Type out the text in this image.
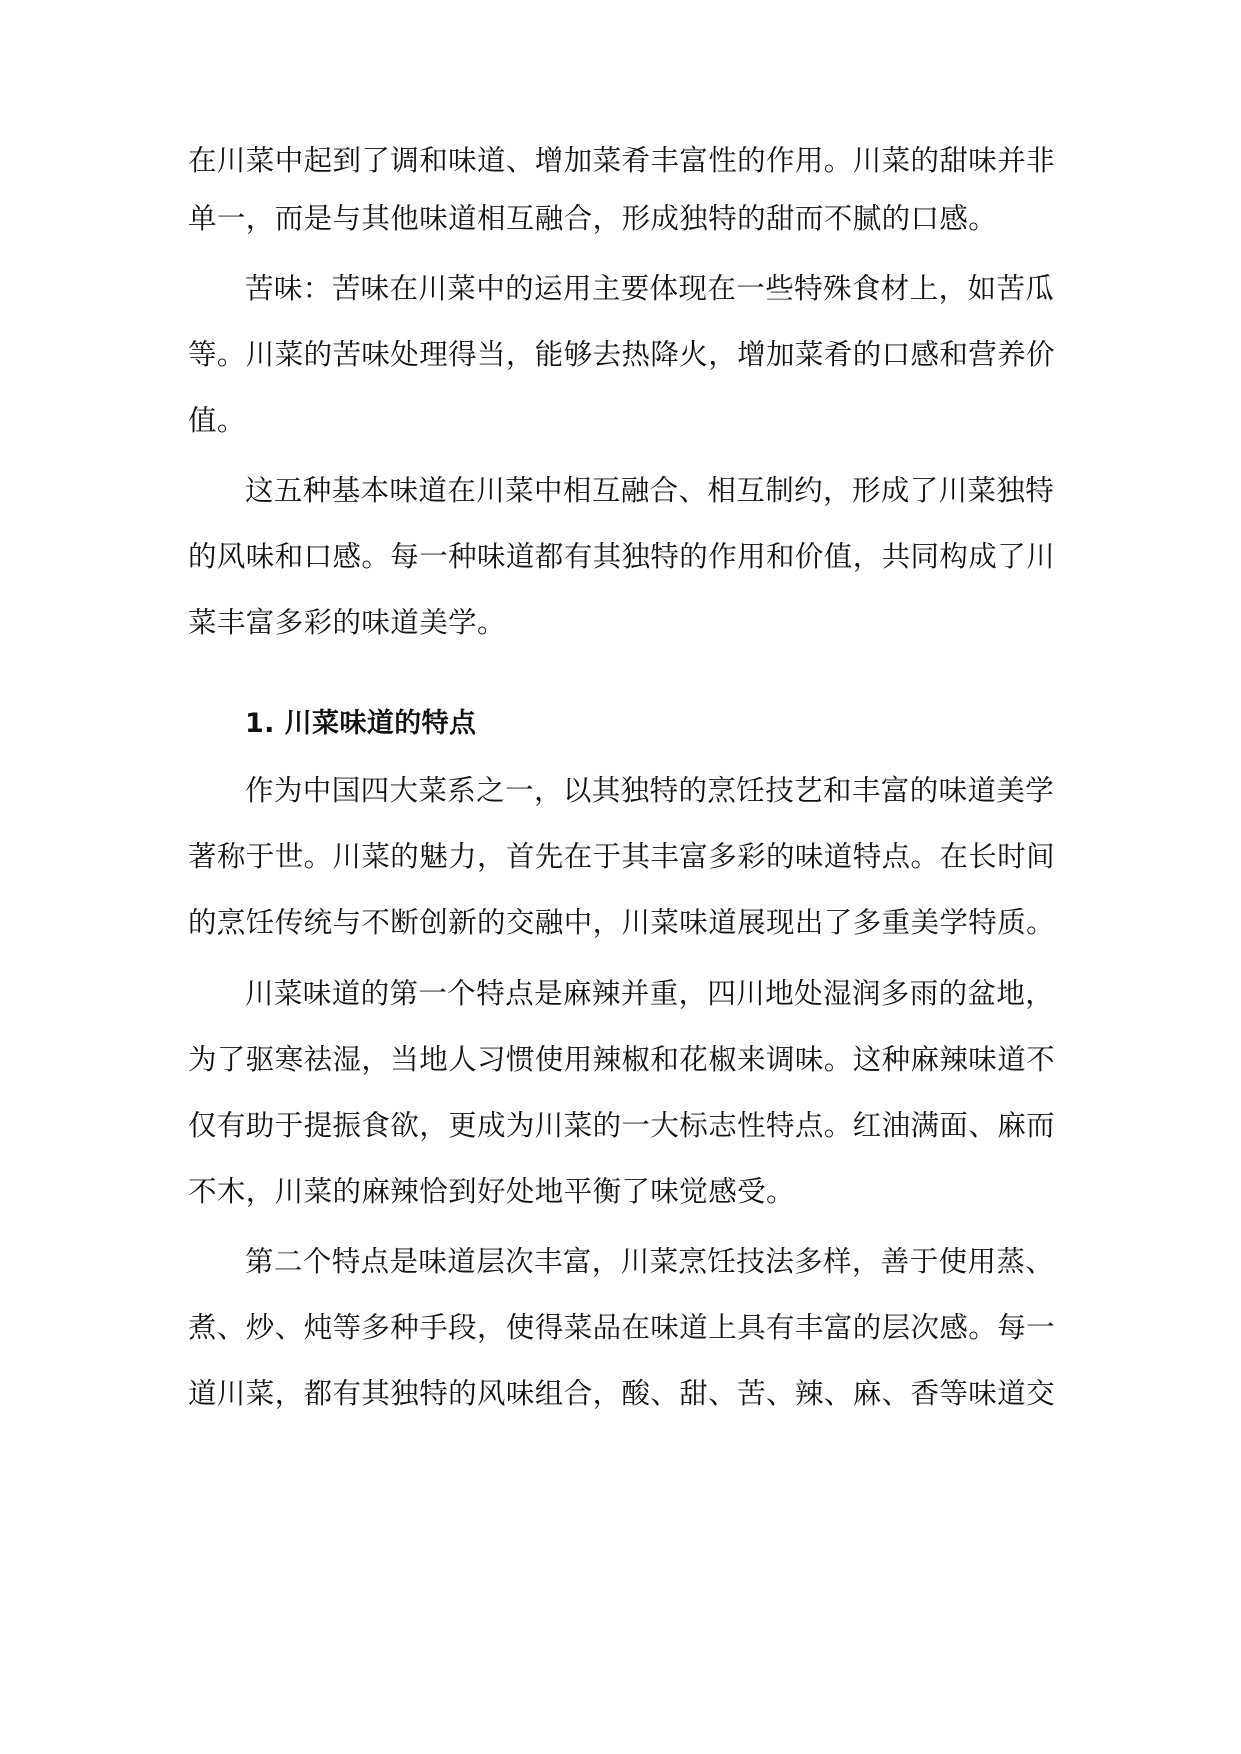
在川菜中起到了调和味道、增加菜肴丰富性的作用。川菜的甜味并非
单一，而是与其他味道相互融合，形成独特的甜而不腻的口感。
苦味：苦味在川菜中的运用主要体现在一些特殊食材上，如苦瓜
等。川菜的苦味处理得当，能够去热降火，增加菜肴的口感和营养价
值。
这五种基本味道在川菜中相互融合、相互制约，形成了川菜独特
的风味和口感。每一种味道都有其独特的作用和价值，共同构成了川
菜丰富多彩的味道美学。
1. 川菜味道的特点
作为中国四大菜系之一，以其独特的烹饪技艺和丰富的味道美学
著称于世。川菜的魅力，首先在于其丰富多彩的味道特点。在长时间
的烹饪传统与不断创新的交融中，川菜味道展现出了多重美学特质。
川菜味道的第一个特点是麻辣并重，四川地处湿润多雨的盆地，
为了驱寒祛湿，当地人习惯使用辣椒和花椒来调味。这种麻辣味道不
仅有助于提振食欲，更成为川菜的一大标志性特点。红油满面、麻而
不木，川菜的麻辣恰到好处地平衡了味觉感受。
第二个特点是味道层次丰富，川菜烹饪技法多样，善于使用蒸、
煮、炒、炖等多种手段，使得菜品在味道上具有丰富的层次感。每一
道川菜，都有其独特的风味组合，酸、甜、苦、辣、麻、香等味道交
